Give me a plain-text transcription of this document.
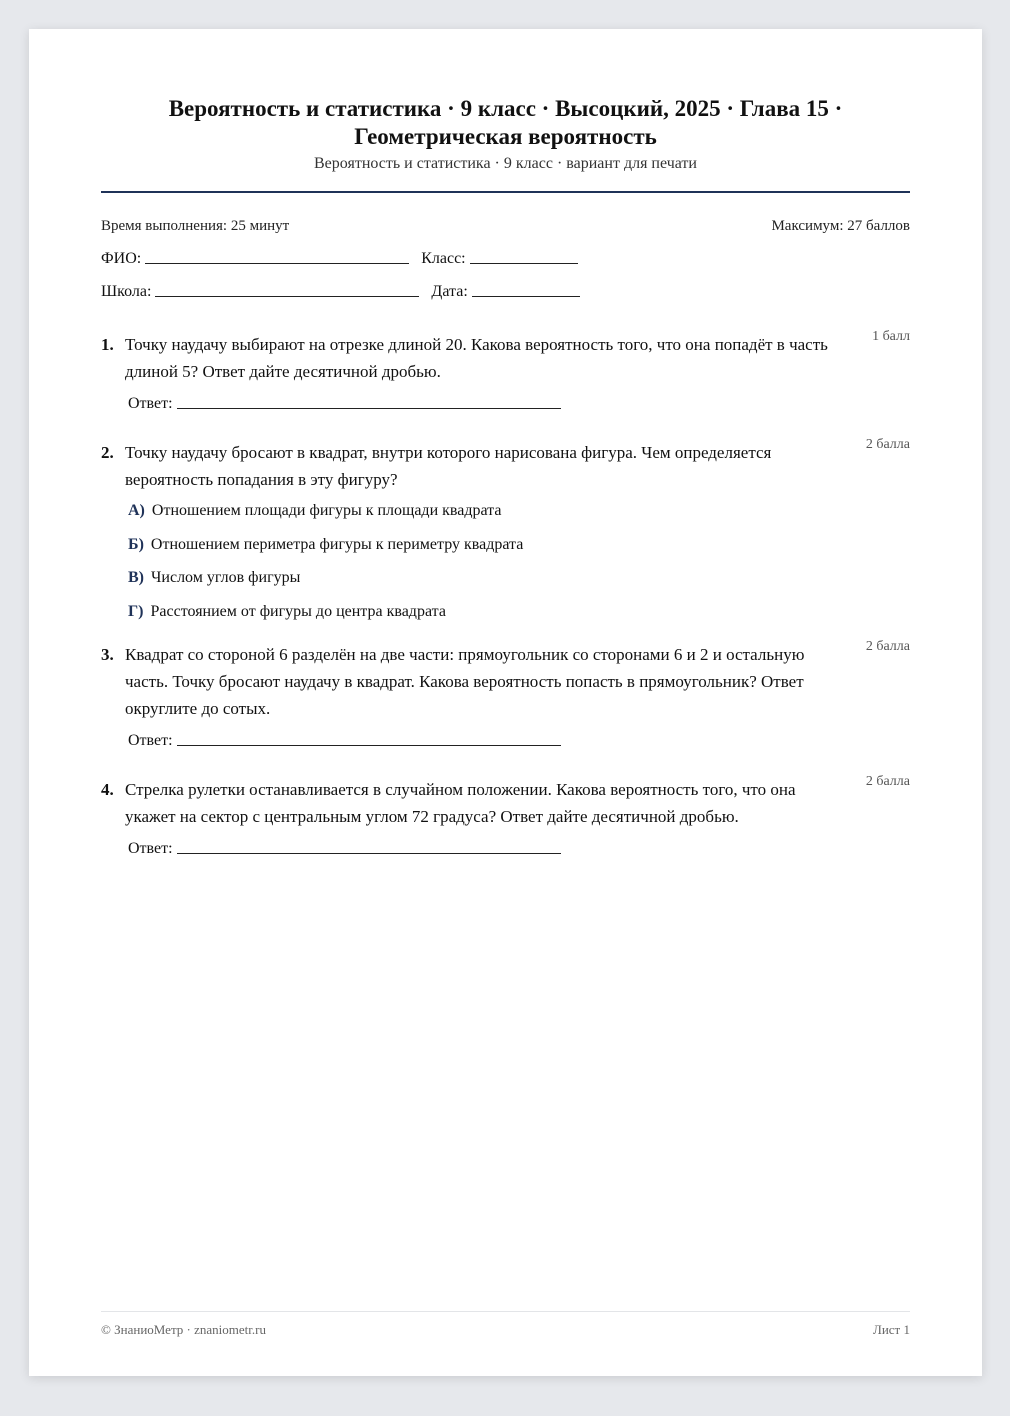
Вероятность и статистика · 9 класс · Высоцкий, 2025 · Глава 15 · Геометрическая вероятность
Вероятность и статистика · 9 класс · вариант для печати
Время выполнения: 25 минут	Максимум: 27 баллов
ФИО:	Класс:
Школа:	Дата:
1. Точку наудачу выбирают на отрезке длиной 20. Какова вероятность того, что она попадёт в часть длиной 5? Ответ дайте десятичной дробью.
1 балл
Ответ:
2. Точку наудачу бросают в квадрат, внутри которого нарисована фигура. Чем определяется вероятность попадания в эту фигуру?
2 балла
А) Отношением площади фигуры к площади квадрата
Б) Отношением периметра фигуры к периметру квадрата
В) Числом углов фигуры
Г) Расстоянием от фигуры до центра квадрата
3. Квадрат со стороной 6 разделён на две части: прямоугольник со сторонами 6 и 2 и остальную часть. Точку бросают наудачу в квадрат. Какова вероятность попасть в прямоугольник? Ответ округлите до сотых.
2 балла
Ответ:
4. Стрелка рулетки останавливается в случайном положении. Какова вероятность того, что она укажет на сектор с центральным углом 72 градуса? Ответ дайте десятичной дробью.
2 балла
Ответ:
© ЗнаниоМетр · znaniometr.ru	Лист 1
